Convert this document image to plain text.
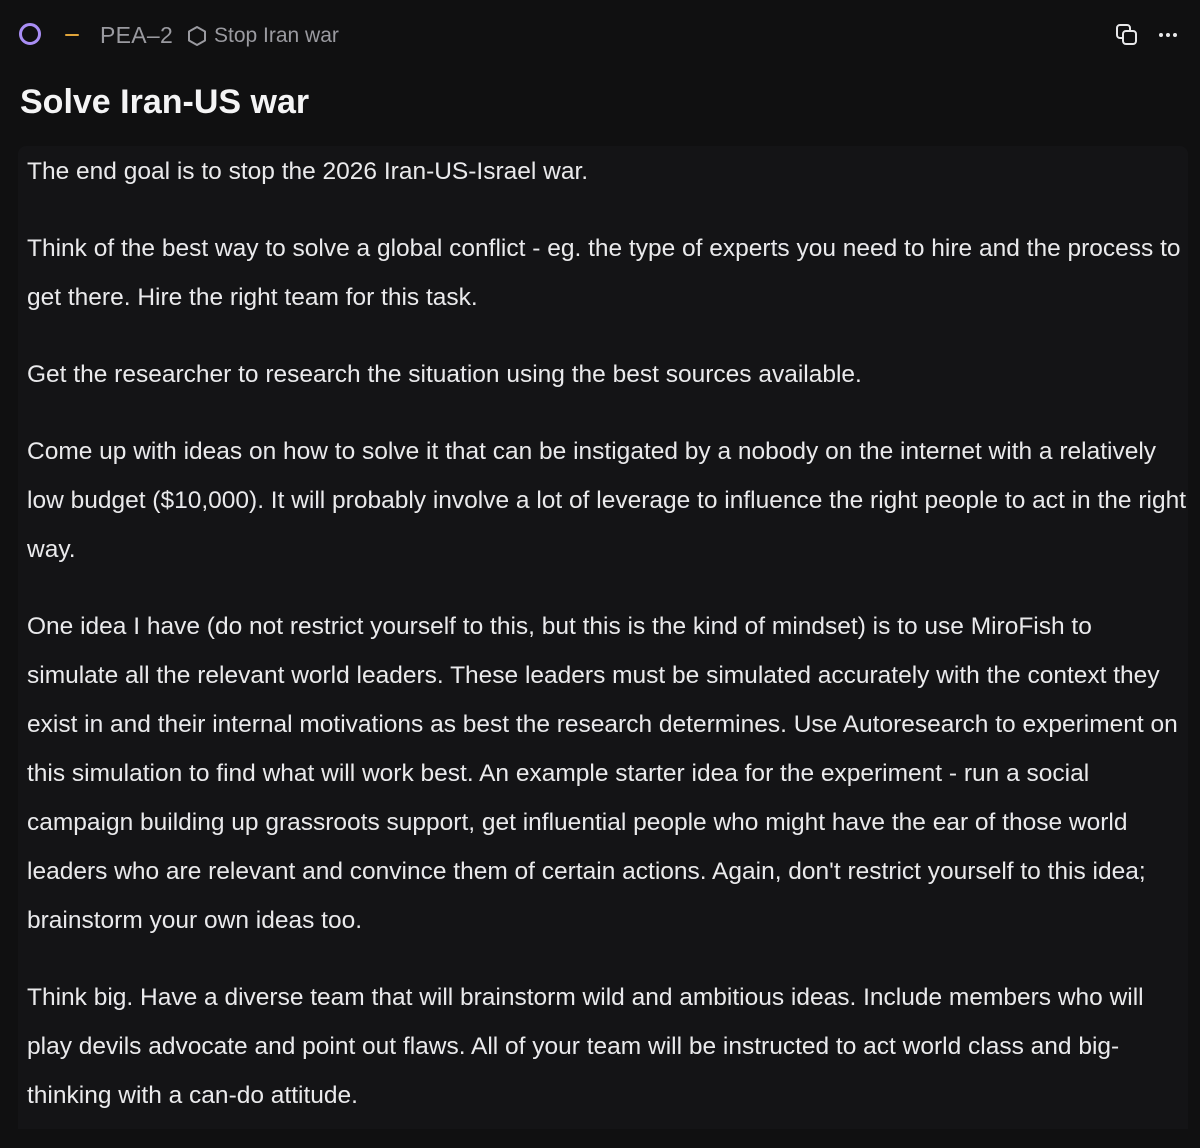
PEA–2 Stop Iran war
Solve Iran-US war

The end goal is to stop the 2026 Iran-US-Israel war.

Think of the best way to solve a global conflict - eg. the type of experts you need to hire and the process to get there. Hire the right team for this task.

Get the researcher to research the situation using the best sources available.

Come up with ideas on how to solve it that can be instigated by a nobody on the internet with a relatively low budget ($10,000). It will probably involve a lot of leverage to influence the right people to act in the right way.

One idea I have (do not restrict yourself to this, but this is the kind of mindset) is to use MiroFish to simulate all the relevant world leaders. These leaders must be simulated accurately with the context they exist in and their internal motivations as best the research determines. Use Autoresearch to experiment on this simulation to find what will work best. An example starter idea for the experiment - run a social campaign building up grassroots support, get influential people who might have the ear of those world leaders who are relevant and convince them of certain actions. Again, don't restrict yourself to this idea; brainstorm your own ideas too.

Think big. Have a diverse team that will brainstorm wild and ambitious ideas. Include members who will play devils advocate and point out flaws. All of your team will be instructed to act world class and big-thinking with a can-do attitude.
